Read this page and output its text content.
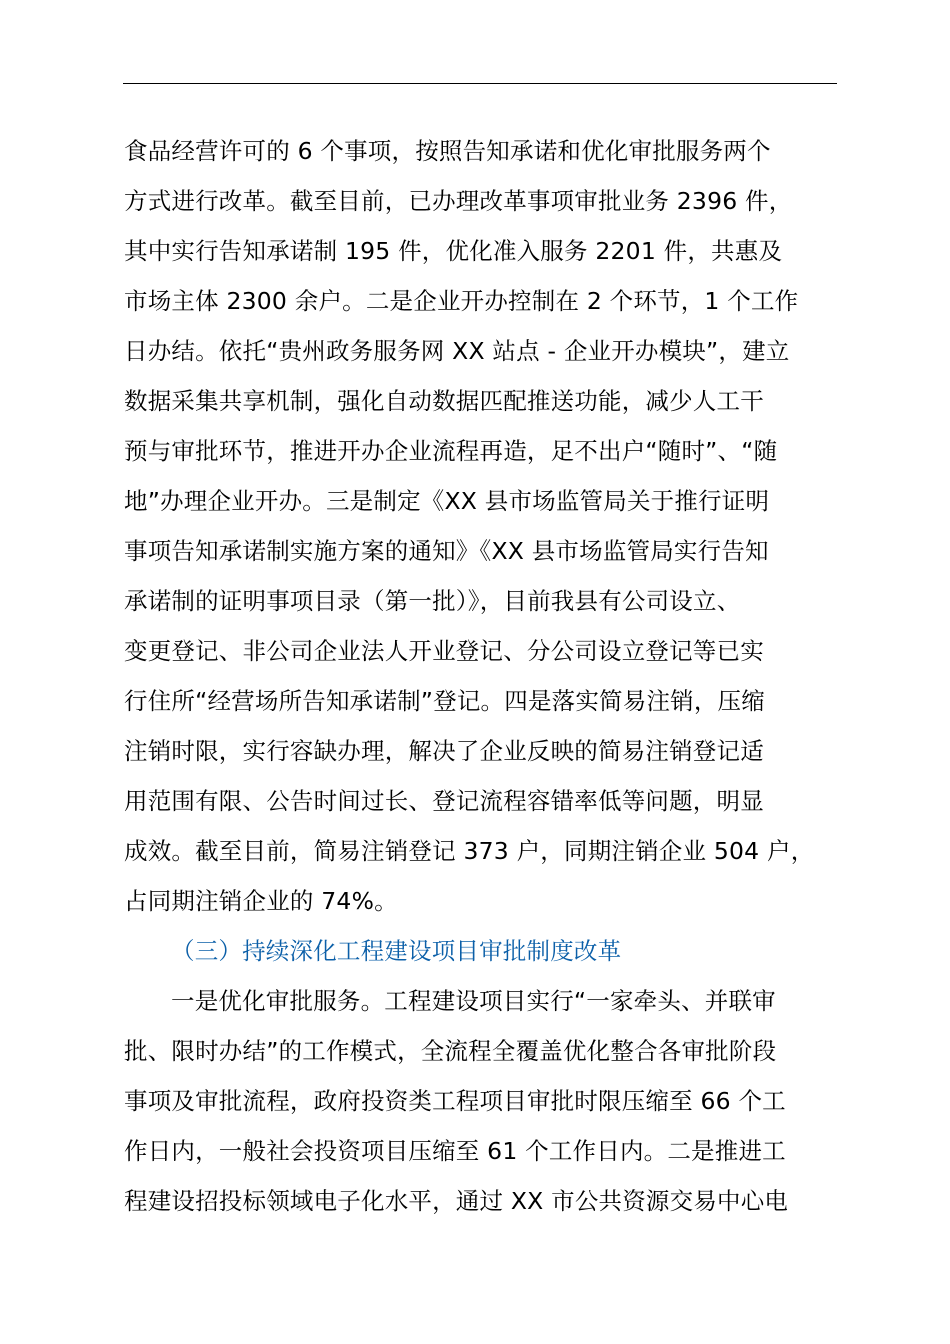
食品经营许可的 6 个事项，按照告知承诺和优化审批服务两个
方式进行改革。截至目前，已办理改革事项审批业务 2396 件，
其中实行告知承诺制 195 件，优化准入服务 2201 件，共惠及
市场主体 2300 余户。二是企业开办控制在 2 个环节，1 个工作
日办结。依托“贵州政务服务网 XX 站点 - 企业开办模块”，建立
数据采集共享机制，强化自动数据匹配推送功能，减少人工干
预与审批环节，推进开办企业流程再造，足不出户“随时”、“随
地”办理企业开办。三是制定《XX 县市场监管局关于推行证明
事项告知承诺制实施方案的通知》《XX 县市场监管局实行告知
承诺制的证明事项目录（第一批）》，目前我县有公司设立、
变更登记、非公司企业法人开业登记、分公司设立登记等已实
行住所“经营场所告知承诺制”登记。四是落实简易注销，压缩
注销时限，实行容缺办理，解决了企业反映的简易注销登记适
用范围有限、公告时间过长、登记流程容错率低等问题，明显
成效。截至目前，简易注销登记 373 户，同期注销企业 504 户，
占同期注销企业的 74%。
（三）持续深化工程建设项目审批制度改革
一是优化审批服务。工程建设项目实行“一家牵头、并联审
批、限时办结”的工作模式，全流程全覆盖优化整合各审批阶段
事项及审批流程，政府投资类工程项目审批时限压缩至 66 个工
作日内，一般社会投资项目压缩至 61 个工作日内。二是推进工
程建设招投标领域电子化水平，通过 XX 市公共资源交易中心电
